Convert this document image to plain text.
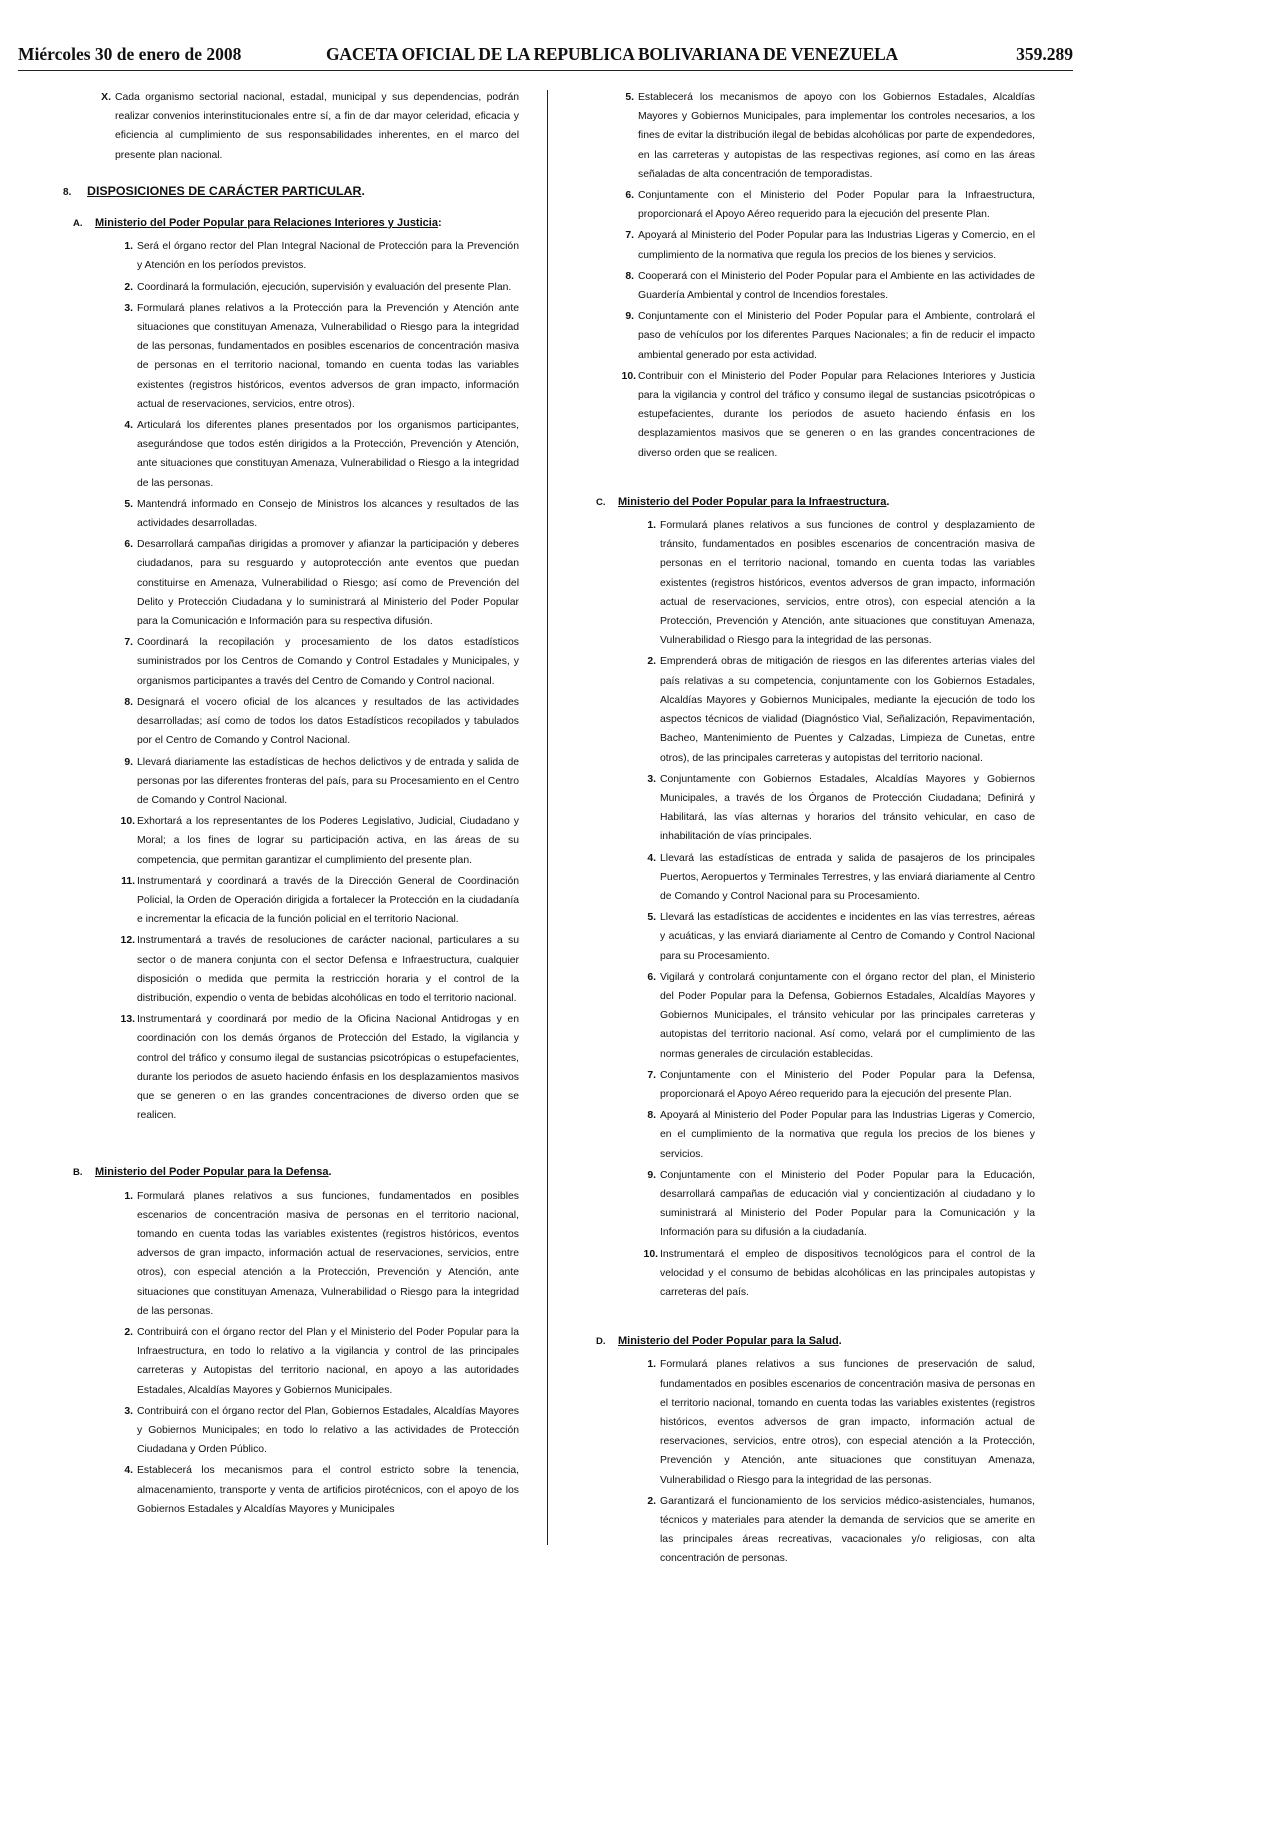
Miércoles 30 de enero de 2008	GACETA OFICIAL DE LA REPUBLICA BOLIVARIANA DE VENEZUELA	359.289
X. Cada organismo sectorial nacional, estadal, municipal y sus dependencias, podrán realizar convenios interinstitucionales entre sí, a fin de dar mayor celeridad, eficacia y eficiencia al cumplimiento de sus responsabilidades inherentes, en el marco del presente plan nacional.
8. DISPOSICIONES DE CARÁCTER PARTICULAR.
A. Ministerio del Poder Popular para Relaciones Interiores y Justicia:
1. Será el órgano rector del Plan Integral Nacional de Protección para la Prevención y Atención en los períodos previstos.
2. Coordinará la formulación, ejecución, supervisión y evaluación del presente Plan.
3. Formulará planes relativos a la Protección para la Prevención y Atención ante situaciones que constituyan Amenaza, Vulnerabilidad o Riesgo para la integridad de las personas, fundamentados en posibles escenarios de concentración masiva de personas en el territorio nacional, tomando en cuenta todas las variables existentes (registros históricos, eventos adversos de gran impacto, información actual de reservaciones, servicios, entre otros).
4. Articulará los diferentes planes presentados por los organismos participantes, asegurándose que todos estén dirigidos a la Protección, Prevención y Atención, ante situaciones que constituyan Amenaza, Vulnerabilidad o Riesgo a la integridad de las personas.
5. Mantendrá informado en Consejo de Ministros los alcances y resultados de las actividades desarrolladas.
6. Desarrollará campañas dirigidas a promover y afianzar la participación y deberes ciudadanos, para su resguardo y autoprotección ante eventos que puedan constituirse en Amenaza, Vulnerabilidad o Riesgo; así como de Prevención del Delito y Protección Ciudadana y lo suministrará al Ministerio del Poder Popular para la Comunicación e Información para su respectiva difusión.
7. Coordinará la recopilación y procesamiento de los datos estadísticos suministrados por los Centros de Comando y Control Estadales y Municipales, y organismos participantes a través del Centro de Comando y Control nacional.
8. Designará el vocero oficial de los alcances y resultados de las actividades desarrolladas; así como de todos los datos Estadísticos recopilados y tabulados por el Centro de Comando y Control Nacional.
9. Llevará diariamente las estadísticas de hechos delictivos y de entrada y salida de personas por las diferentes fronteras del país, para su Procesamiento en el Centro de Comando y Control Nacional.
10. Exhortará a los representantes de los Poderes Legislativo, Judicial, Ciudadano y Moral; a los fines de lograr su participación activa, en las áreas de su competencia, que permitan garantizar el cumplimiento del presente plan.
11. Instrumentará y coordinará a través de la Dirección General de Coordinación Policial, la Orden de Operación dirigida a fortalecer la Protección en la ciudadanía e incrementar la eficacia de la función policial en el territorio Nacional.
12. Instrumentará a través de resoluciones de carácter nacional, particulares a su sector o de manera conjunta con el sector Defensa e Infraestructura, cualquier disposición o medida que permita la restricción horaria y el control de la distribución, expendio o venta de bebidas alcohólicas en todo el territorio nacional.
13. Instrumentará y coordinará por medio de la Oficina Nacional Antidrogas y en coordinación con los demás órganos de Protección del Estado, la vigilancia y control del tráfico y consumo ilegal de sustancias psicotrópicas o estupefacientes, durante los periodos de asueto haciendo énfasis en los desplazamientos masivos que se generen o en las grandes concentraciones de diverso orden que se realicen.
B. Ministerio del Poder Popular para la Defensa.
1. Formulará planes relativos a sus funciones, fundamentados en posibles escenarios de concentración masiva de personas en el territorio nacional, tomando en cuenta todas las variables existentes (registros históricos, eventos adversos de gran impacto, información actual de reservaciones, servicios, entre otros), con especial atención a la Protección, Prevención y Atención, ante situaciones que constituyan Amenaza, Vulnerabilidad o Riesgo para la integridad de las personas.
2. Contribuirá con el órgano rector del Plan y el Ministerio del Poder Popular para la Infraestructura, en todo lo relativo a la vigilancia y control de las principales carreteras y Autopistas del territorio nacional, en apoyo a las autoridades Estadales, Alcaldías Mayores y Gobiernos Municipales.
3. Contribuirá con el órgano rector del Plan, Gobiernos Estadales, Alcaldías Mayores y Gobiernos Municipales; en todo lo relativo a las actividades de Protección Ciudadana y Orden Público.
4. Establecerá los mecanismos para el control estricto sobre la tenencia, almacenamiento, transporte y venta de artificios pirotécnicos, con el apoyo de los Gobiernos Estadales y Alcaldías Mayores y Municipales
5. Establecerá los mecanismos de apoyo con los Gobiernos Estadales, Alcaldías Mayores y Gobiernos Municipales, para implementar los controles necesarios, a los fines de evitar la distribución ilegal de bebidas alcohólicas por parte de expendedores, en las carreteras y autopistas de las respectivas regiones, así como en las áreas señaladas de alta concentración de temporadistas.
6. Conjuntamente con el Ministerio del Poder Popular para la Infraestructura, proporcionará el Apoyo Aéreo requerido para la ejecución del presente Plan.
7. Apoyará al Ministerio del Poder Popular para las Industrias Ligeras y Comercio, en el cumplimiento de la normativa que regula los precios de los bienes y servicios.
8. Cooperará con el Ministerio del Poder Popular para el Ambiente en las actividades de Guardería Ambiental y control de Incendios forestales.
9. Conjuntamente con el Ministerio del Poder Popular para el Ambiente, controlará el paso de vehículos por los diferentes Parques Nacionales; a fin de reducir el impacto ambiental generado por esta actividad.
10. Contribuir con el Ministerio del Poder Popular para Relaciones Interiores y Justicia para la vigilancia y control del tráfico y consumo ilegal de sustancias psicotrópicas o estupefacientes, durante los periodos de asueto haciendo énfasis en los desplazamientos masivos que se generen o en las grandes concentraciones de diverso orden que se realicen.
C. Ministerio del Poder Popular para la Infraestructura.
1. Formulará planes relativos a sus funciones de control y desplazamiento de tránsito, fundamentados en posibles escenarios de concentración masiva de personas en el territorio nacional, tomando en cuenta todas las variables existentes (registros históricos, eventos adversos de gran impacto, información actual de reservaciones, servicios, entre otros), con especial atención a la Protección, Prevención y Atención, ante situaciones que constituyan Amenaza, Vulnerabilidad o Riesgo para la integridad de las personas.
2. Emprenderá obras de mitigación de riesgos en las diferentes arterias viales del país relativas a su competencia, conjuntamente con los Gobiernos Estadales, Alcaldías Mayores y Gobiernos Municipales, mediante la ejecución de todo los aspectos técnicos de vialidad (Diagnóstico Vial, Señalización, Repavimentación, Bacheo, Mantenimiento de Puentes y Calzadas, Limpieza de Cunetas, entre otros), de las principales carreteras y autopistas del territorio nacional.
3. Conjuntamente con Gobiernos Estadales, Alcaldías Mayores y Gobiernos Municipales, a través de los Órganos de Protección Ciudadana; Definirá y Habilitará, las vías alternas y horarios del tránsito vehicular, en caso de inhabilitación de vías principales.
4. Llevará las estadísticas de entrada y salida de pasajeros de los principales Puertos, Aeropuertos y Terminales Terrestres, y las enviará diariamente al Centro de Comando y Control Nacional para su Procesamiento.
5. Llevará las estadísticas de accidentes e incidentes en las vías terrestres, aéreas y acuáticas, y las enviará diariamente al Centro de Comando y Control Nacional para su Procesamiento.
6. Vigilará y controlará conjuntamente con el órgano rector del plan, el Ministerio del Poder Popular para la Defensa, Gobiernos Estadales, Alcaldías Mayores y Gobiernos Municipales, el tránsito vehicular por las principales carreteras y autopistas del territorio nacional. Así como, velará por el cumplimiento de las normas generales de circulación establecidas.
7. Conjuntamente con el Ministerio del Poder Popular para la Defensa, proporcionará el Apoyo Aéreo requerido para la ejecución del presente Plan.
8. Apoyará al Ministerio del Poder Popular para las Industrias Ligeras y Comercio, en el cumplimiento de la normativa que regula los precios de los bienes y servicios.
9. Conjuntamente con el Ministerio del Poder Popular para la Educación, desarrollará campañas de educación vial y concientización al ciudadano y lo suministrará al Ministerio del Poder Popular para la Comunicación y la Información para su difusión a la ciudadanía.
10. Instrumentará el empleo de dispositivos tecnológicos para el control de la velocidad y el consumo de bebidas alcohólicas en las principales autopistas y carreteras del país.
D. Ministerio del Poder Popular para la Salud.
1. Formulará planes relativos a sus funciones de preservación de salud, fundamentados en posibles escenarios de concentración masiva de personas en el territorio nacional, tomando en cuenta todas las variables existentes (registros históricos, eventos adversos de gran impacto, información actual de reservaciones, servicios, entre otros), con especial atención a la Protección, Prevención y Atención, ante situaciones que constituyan Amenaza, Vulnerabilidad o Riesgo para la integridad de las personas.
2. Garantizará el funcionamiento de los servicios médico-asistenciales, humanos, técnicos y materiales para atender la demanda de servicios que se amerite en las principales áreas recreativas, vacacionales y/o religiosas, con alta concentración de personas.
